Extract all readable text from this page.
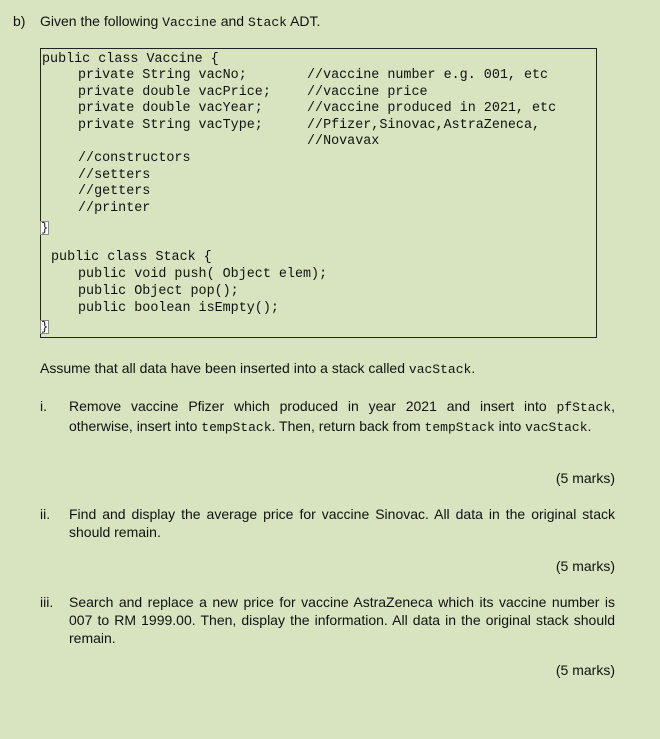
b) Given the following Vaccine and Stack ADT.
public class Vaccine {
private String vacNo;	//vaccine number e.g. 001, etc
private double vacPrice;	//vaccine price
private double vacYear;	//vaccine produced in 2021, etc
private String vacType;	//Pfizer,Sinovac,AstraZeneca,
//Novavax
//constructors
//setters
//getters
//printer
}
public class Stack {
public void push( Object elem);
public Object pop();
public boolean isEmpty();
}
Assume that all data have been inserted into a stack called vacStack.
i. Remove vaccine Pfizer which produced in year 2021 and insert into pfStack, otherwise, insert into tempStack. Then, return back from tempStack into vacStack.
(5 marks)
ii. Find and display the average price for vaccine Sinovac. All data in the original stack should remain.
(5 marks)
iii. Search and replace a new price for vaccine AstraZeneca which its vaccine number is 007 to RM 1999.00. Then, display the information. All data in the original stack should remain.
(5 marks)
